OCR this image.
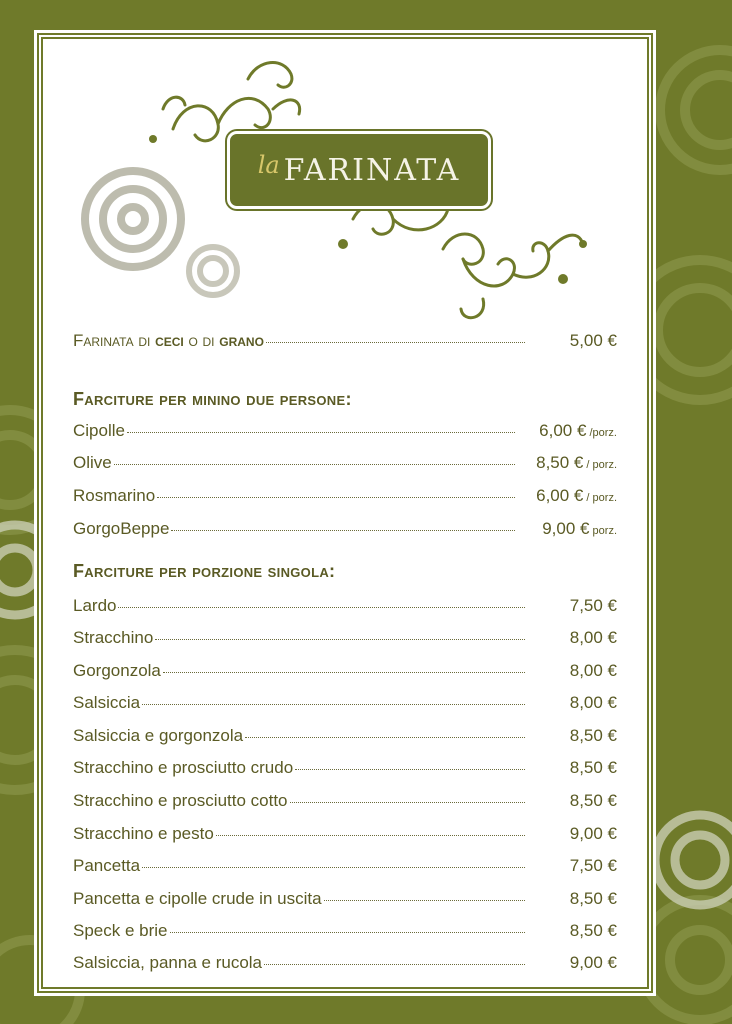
la FARINATA
Farinata di ceci o di grano	5,00 €
Farciture per minino due persone:
Cipolle	6,00 € /porz.
Olive	8,50 € / porz.
Rosmarino	6,00 € / porz.
GorgoBeppe	9,00 € porz.
Farciture per porzione singola:
Lardo	7,50 €
Stracchino	8,00 €
Gorgonzola	8,00 €
Salsiccia	8,00 €
Salsiccia e gorgonzola	8,50 €
Stracchino e prosciutto crudo	8,50 €
Stracchino e prosciutto cotto	8,50 €
Stracchino e pesto	9,00 €
Pancetta	7,50 €
Pancetta e cipolle crude in uscita	8,50 €
Speck e brie	8,50 €
Salsiccia, panna e rucola	9,00 €
